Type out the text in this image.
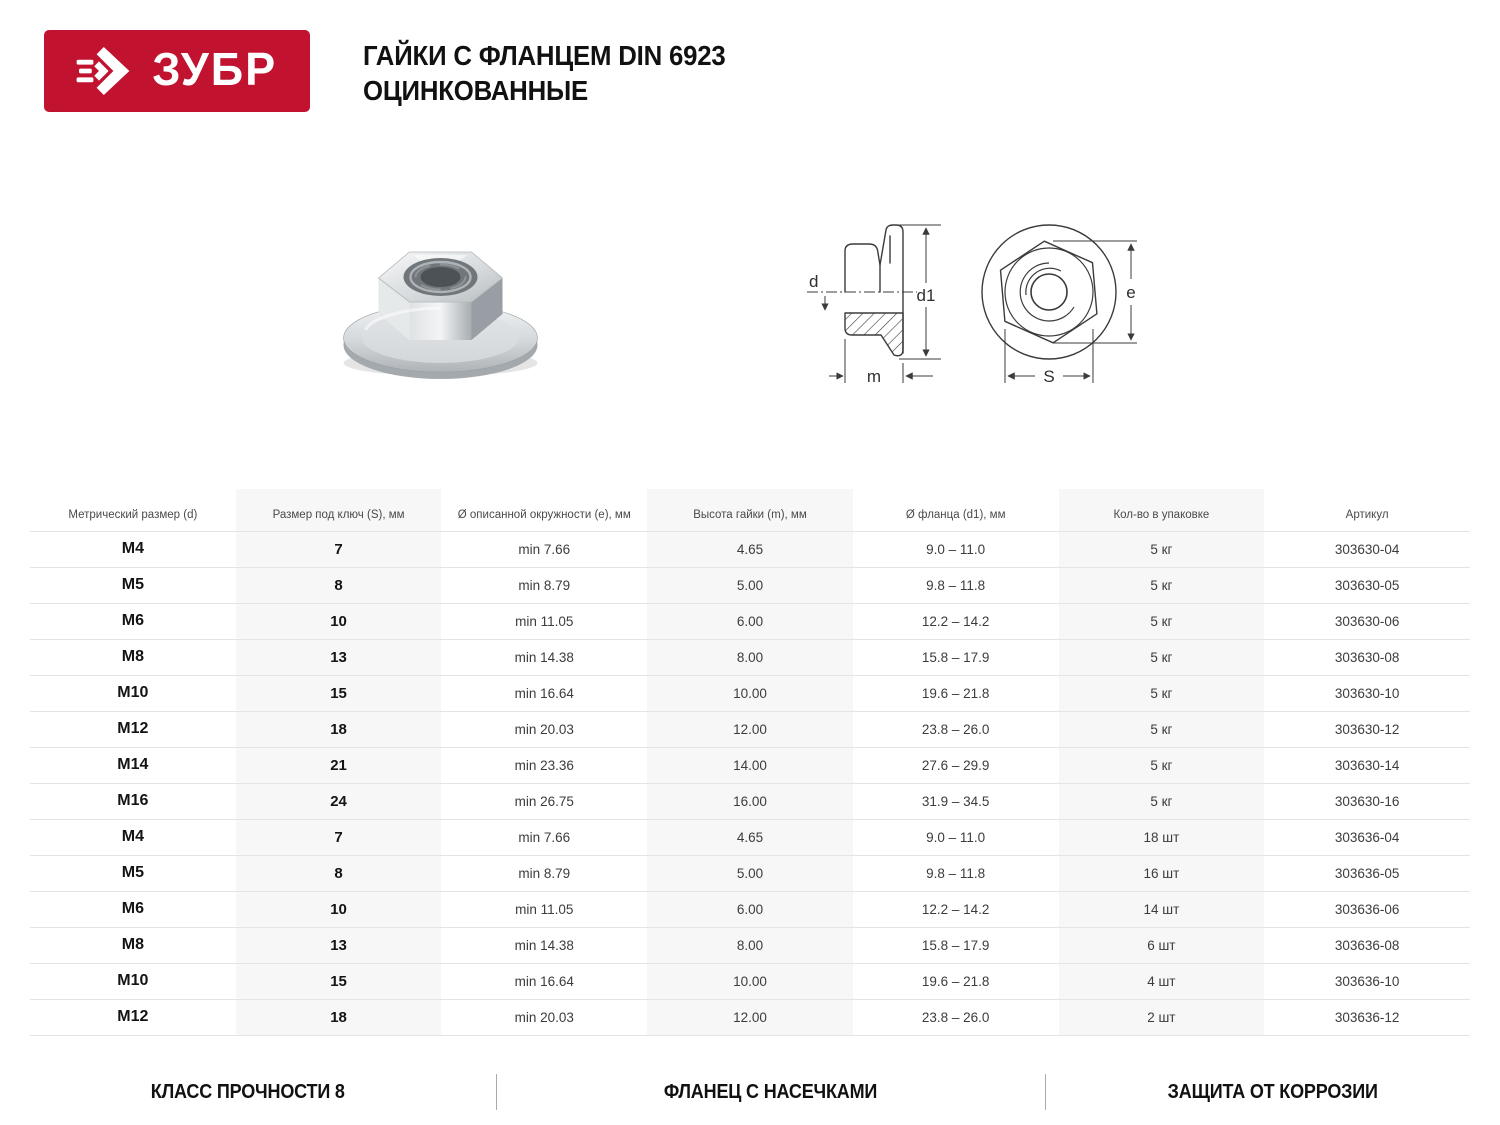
ЗУБР	ГАЙКИ С ФЛАНЦЕМ DIN 6923
ОЦИНКОВАННЫЕ
d
d1
m
e
S
Метрический размер (d)	Размер под ключ (S), мм	Ø описанной окружности (e), мм	Высота гайки (m), мм	Ø фланца (d1), мм	Кол-во в упаковке	Артикул
M4	7	min 7.66	4.65	9.0 – 11.0	5 кг	303630-04
M5	8	min 8.79	5.00	9.8 – 11.8	5 кг	303630-05
M6	10	min 11.05	6.00	12.2 – 14.2	5 кг	303630-06
M8	13	min 14.38	8.00	15.8 – 17.9	5 кг	303630-08
M10	15	min 16.64	10.00	19.6 – 21.8	5 кг	303630-10
M12	18	min 20.03	12.00	23.8 – 26.0	5 кг	303630-12
M14	21	min 23.36	14.00	27.6 – 29.9	5 кг	303630-14
M16	24	min 26.75	16.00	31.9 – 34.5	5 кг	303630-16
M4	7	min 7.66	4.65	9.0 – 11.0	18 шт	303636-04
M5	8	min 8.79	5.00	9.8 – 11.8	16 шт	303636-05
M6	10	min 11.05	6.00	12.2 – 14.2	14 шт	303636-06
M8	13	min 14.38	8.00	15.8 – 17.9	6 шт	303636-08
M10	15	min 16.64	10.00	19.6 – 21.8	4 шт	303636-10
M12	18	min 20.03	12.00	23.8 – 26.0	2 шт	303636-12
КЛАСС ПРОЧНОСТИ 8	ФЛАНЕЦ С НАСЕЧКАМИ	ЗАЩИТА ОТ КОРРОЗИИ
